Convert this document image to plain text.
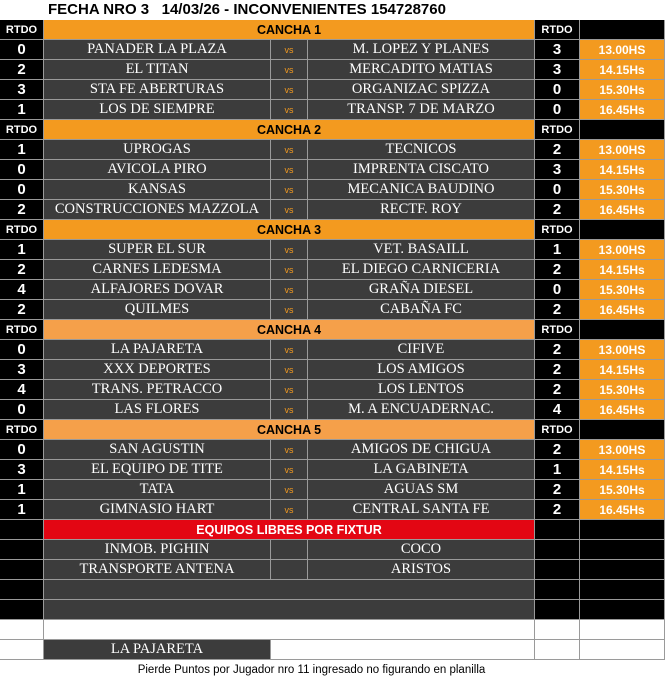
FECHA NRO 3   14/03/26 - INCONVENIENTES 154728760
RTDO	CANCHA 1	RTDO
0	PANADER LA PLAZA	vs	M. LOPEZ Y PLANES	3	13.00HS
2	EL TITAN	vs	MERCADITO MATIAS	3	14.15Hs
3	STA FE ABERTURAS	vs	ORGANIZAC SPIZZA	0	15.30Hs
1	LOS DE SIEMPRE	vs	TRANSP. 7 DE MARZO	0	16.45Hs
RTDO	CANCHA 2	RTDO
1	UPROGAS	vs	TECNICOS	2	13.00HS
0	AVICOLA PIRO	vs	IMPRENTA CISCATO	3	14.15Hs
0	KANSAS	vs	MECANICA BAUDINO	0	15.30Hs
2	CONSTRUCCIONES MAZZOLA	vs	RECTF. ROY	2	16.45Hs
RTDO	CANCHA 3	RTDO
1	SUPER EL SUR	vs	VET. BASAILL	1	13.00HS
2	CARNES LEDESMA	vs	EL DIEGO CARNICERIA	2	14.15Hs
4	ALFAJORES DOVAR	vs	GRAÑA DIESEL	0	15.30Hs
2	QUILMES	vs	CABAÑA FC	2	16.45Hs
RTDO	CANCHA 4	RTDO
0	LA PAJARETA	vs	CIFIVE	2	13.00HS
3	XXX DEPORTES	vs	LOS AMIGOS	2	14.15Hs
4	TRANS. PETRACCO	vs	LOS LENTOS	2	15.30Hs
0	LAS FLORES	vs	M. A ENCUADERNAC.	4	16.45Hs
RTDO	CANCHA 5	RTDO
0	SAN AGUSTIN	vs	AMIGOS DE CHIGUA	2	13.00HS
3	EL EQUIPO DE TITE	vs	LA GABINETA	1	14.15Hs
1	TATA	vs	AGUAS SM	2	15.30Hs
1	GIMNASIO HART	vs	CENTRAL SANTA FE	2	16.45Hs
EQUIPOS LIBRES POR FIXTUR
INMOB. PIGHIN	COCO
TRANSPORTE ANTENA	ARISTOS
LA PAJARETA
Pierde Puntos por Jugador nro 11 ingresado no figurando en planilla
